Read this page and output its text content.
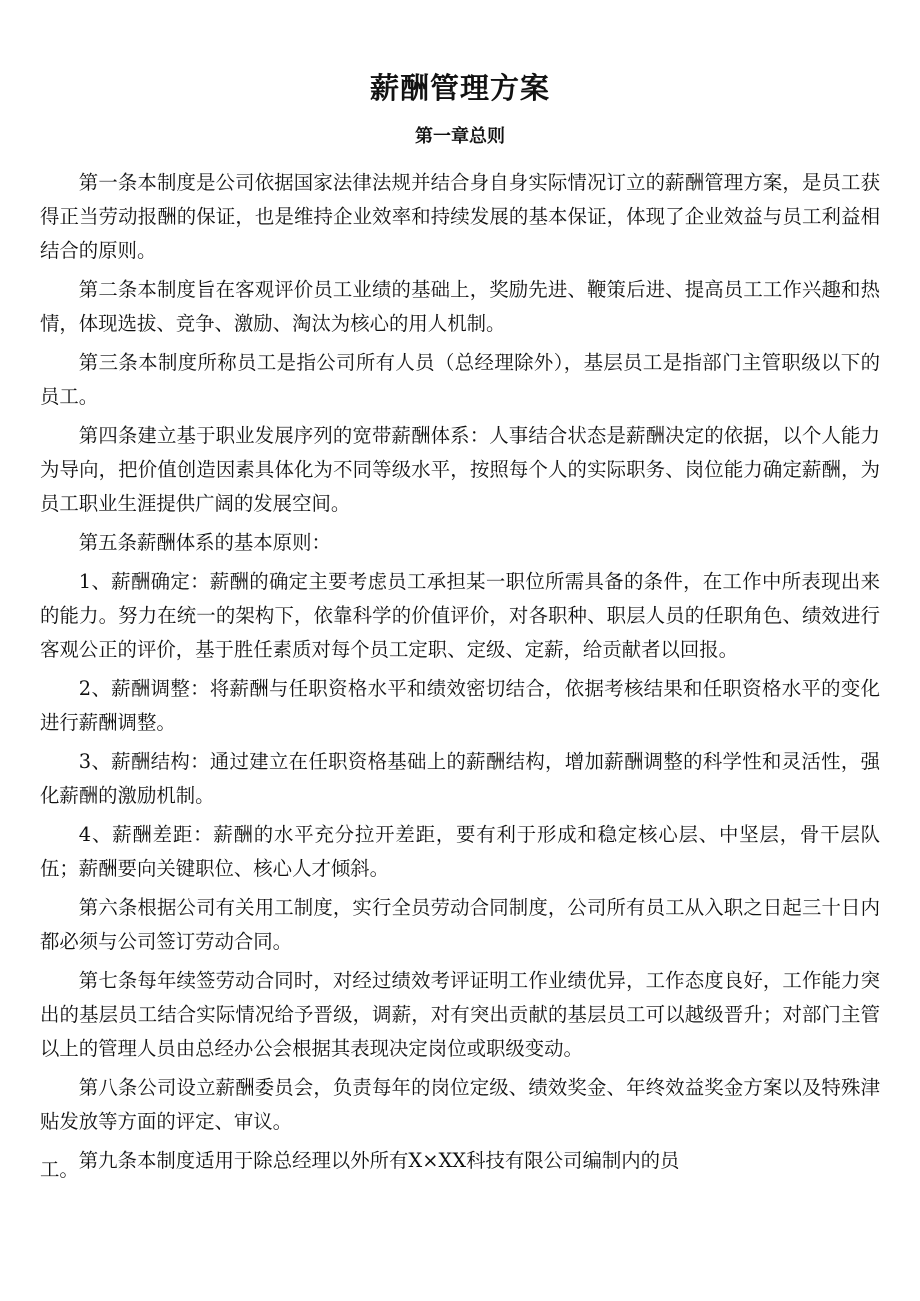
薪酬管理方案
第一章总则

第一条本制度是公司依据国家法律法规并结合身自身实际情况订立的薪酬管理方案，是员工获得正当劳动报酬的保证，也是维持企业效率和持续发展的基本保证，体现了企业效益与员工利益相结合的原则。

第二条本制度旨在客观评价员工业绩的基础上，奖励先进、鞭策后进、提高员工工作兴趣和热情，体现选拔、竞争、激励、淘汰为核心的用人机制。

第三条本制度所称员工是指公司所有人员（总经理除外），基层员工是指部门主管职级以下的员工。

第四条建立基于职业发展序列的宽带薪酬体系：人事结合状态是薪酬决定的依据，以个人能力为导向，把价值创造因素具体化为不同等级水平，按照每个人的实际职务、岗位能力确定薪酬，为员工职业生涯提供广阔的发展空间。

第五条薪酬体系的基本原则：

1、薪酬确定：薪酬的确定主要考虑员工承担某一职位所需具备的条件，在工作中所表现出来的能力。努力在统一的架构下，依靠科学的价值评价，对各职种、职层人员的任职角色、绩效进行客观公正的评价，基于胜任素质对每个员工定职、定级、定薪，给贡献者以回报。

2、薪酬调整：将薪酬与任职资格水平和绩效密切结合，依据考核结果和任职资格水平的变化进行薪酬调整。

3、薪酬结构：通过建立在任职资格基础上的薪酬结构，增加薪酬调整的科学性和灵活性，强化薪酬的激励机制。

4、薪酬差距：薪酬的水平充分拉开差距，要有利于形成和稳定核心层、中坚层，骨干层队伍；薪酬要向关键职位、核心人才倾斜。

第六条根据公司有关用工制度，实行全员劳动合同制度，公司所有员工从入职之日起三十日内都必须与公司签订劳动合同。

第七条每年续签劳动合同时，对经过绩效考评证明工作业绩优异，工作态度良好，工作能力突出的基层员工结合实际情况给予晋级，调薪，对有突出贡献的基层员工可以越级晋升；对部门主管以上的管理人员由总经办公会根据其表现决定岗位或职级变动。

第八条公司设立薪酬委员会，负责每年的岗位定级、绩效奖金、年终效益奖金方案以及特殊津贴发放等方面的评定、审议。

第九条本制度适用于除总经理以外所有X×XX科技有限公司编制内的员

工。
